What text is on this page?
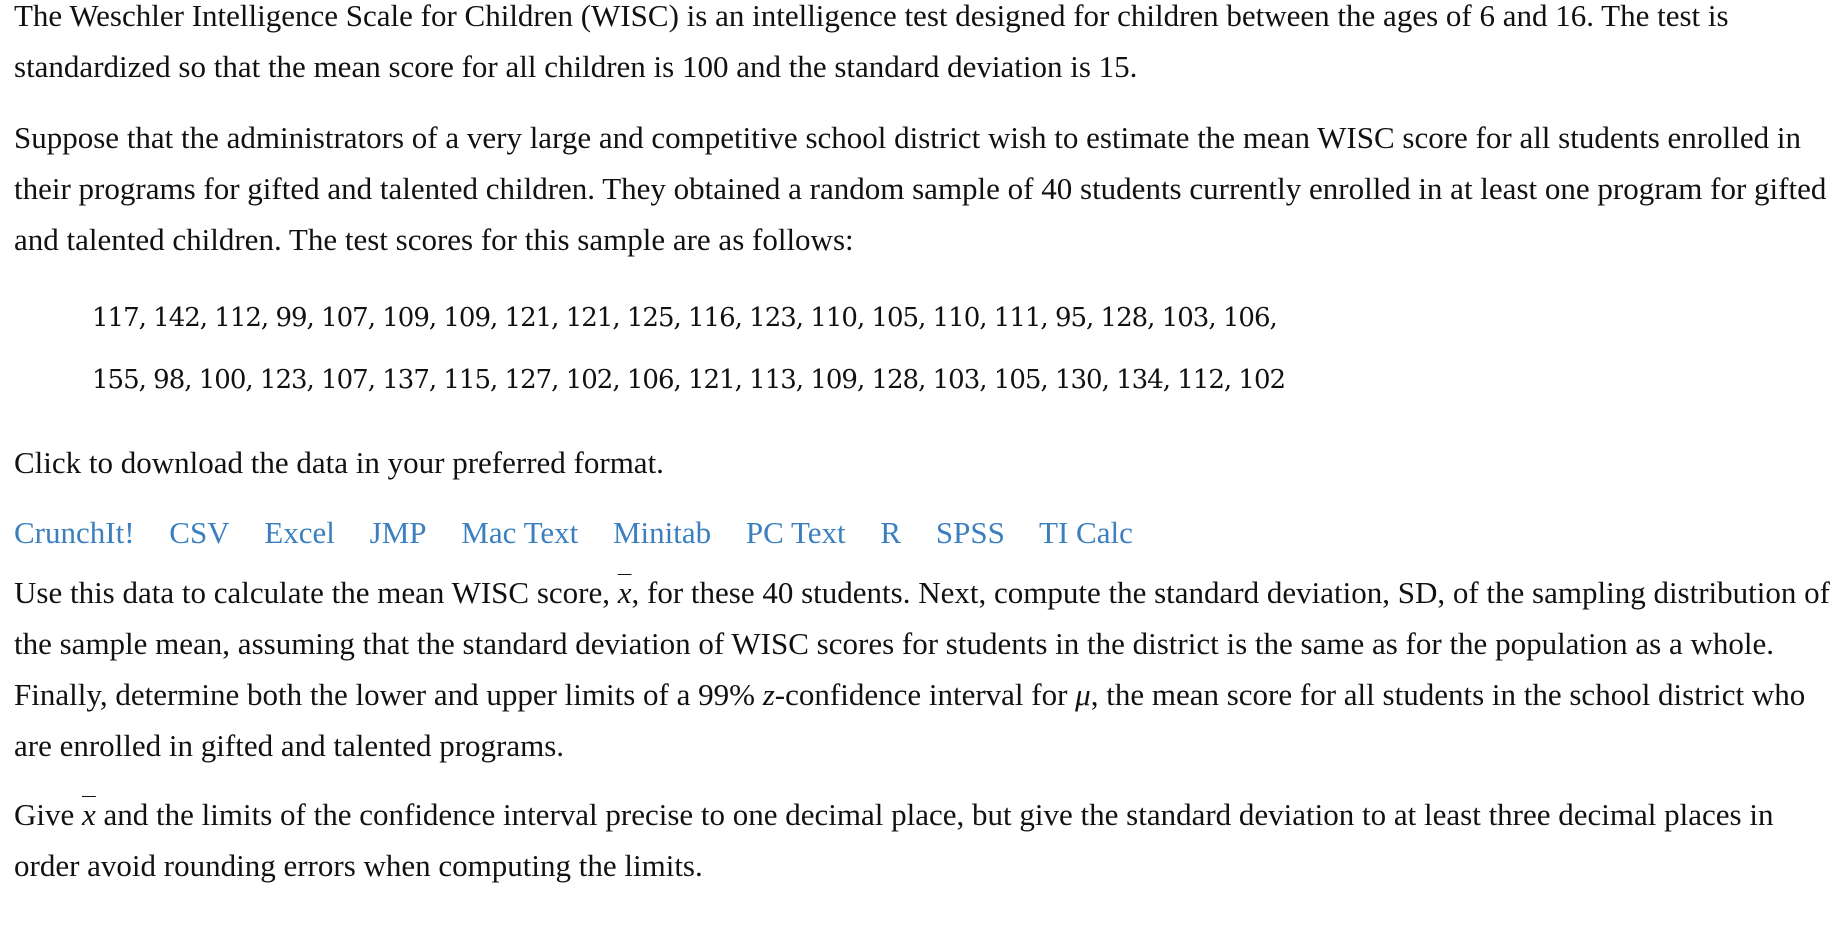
The Weschler Intelligence Scale for Children (WISC) is an intelligence test designed for children between the ages of 6 and 16. The test is standardized so that the mean score for all children is 100 and the standard deviation is 15.

Suppose that the administrators of a very large and competitive school district wish to estimate the mean WISC score for all students enrolled in their programs for gifted and talented children. They obtained a random sample of 40 students currently enrolled in at least one program for gifted and talented children. The test scores for this sample are as follows:

117, 142, 112, 99, 107, 109, 109, 121, 121, 125, 116, 123, 110, 105, 110, 111, 95, 128, 103, 106,
155, 98, 100, 123, 107, 137, 115, 127, 102, 106, 121, 113, 109, 128, 103, 105, 130, 134, 112, 102

Click to download the data in your preferred format.

CrunchIt! CSV Excel JMP Mac Text Minitab PC Text R SPSS TI Calc

Use this data to calculate the mean WISC score, $\overline{x}$, for these 40 students. Next, compute the standard deviation, SD, of the sampling distribution of the sample mean, assuming that the standard deviation of WISC scores for students in the district is the same as for the population as a whole. Finally, determine both the lower and upper limits of a 99% z-confidence interval for μ, the mean score for all students in the school district who are enrolled in gifted and talented programs.

Give $\overline{x}$ and the limits of the confidence interval precise to one decimal place, but give the standard deviation to at least three decimal places in order avoid rounding errors when computing the limits.
